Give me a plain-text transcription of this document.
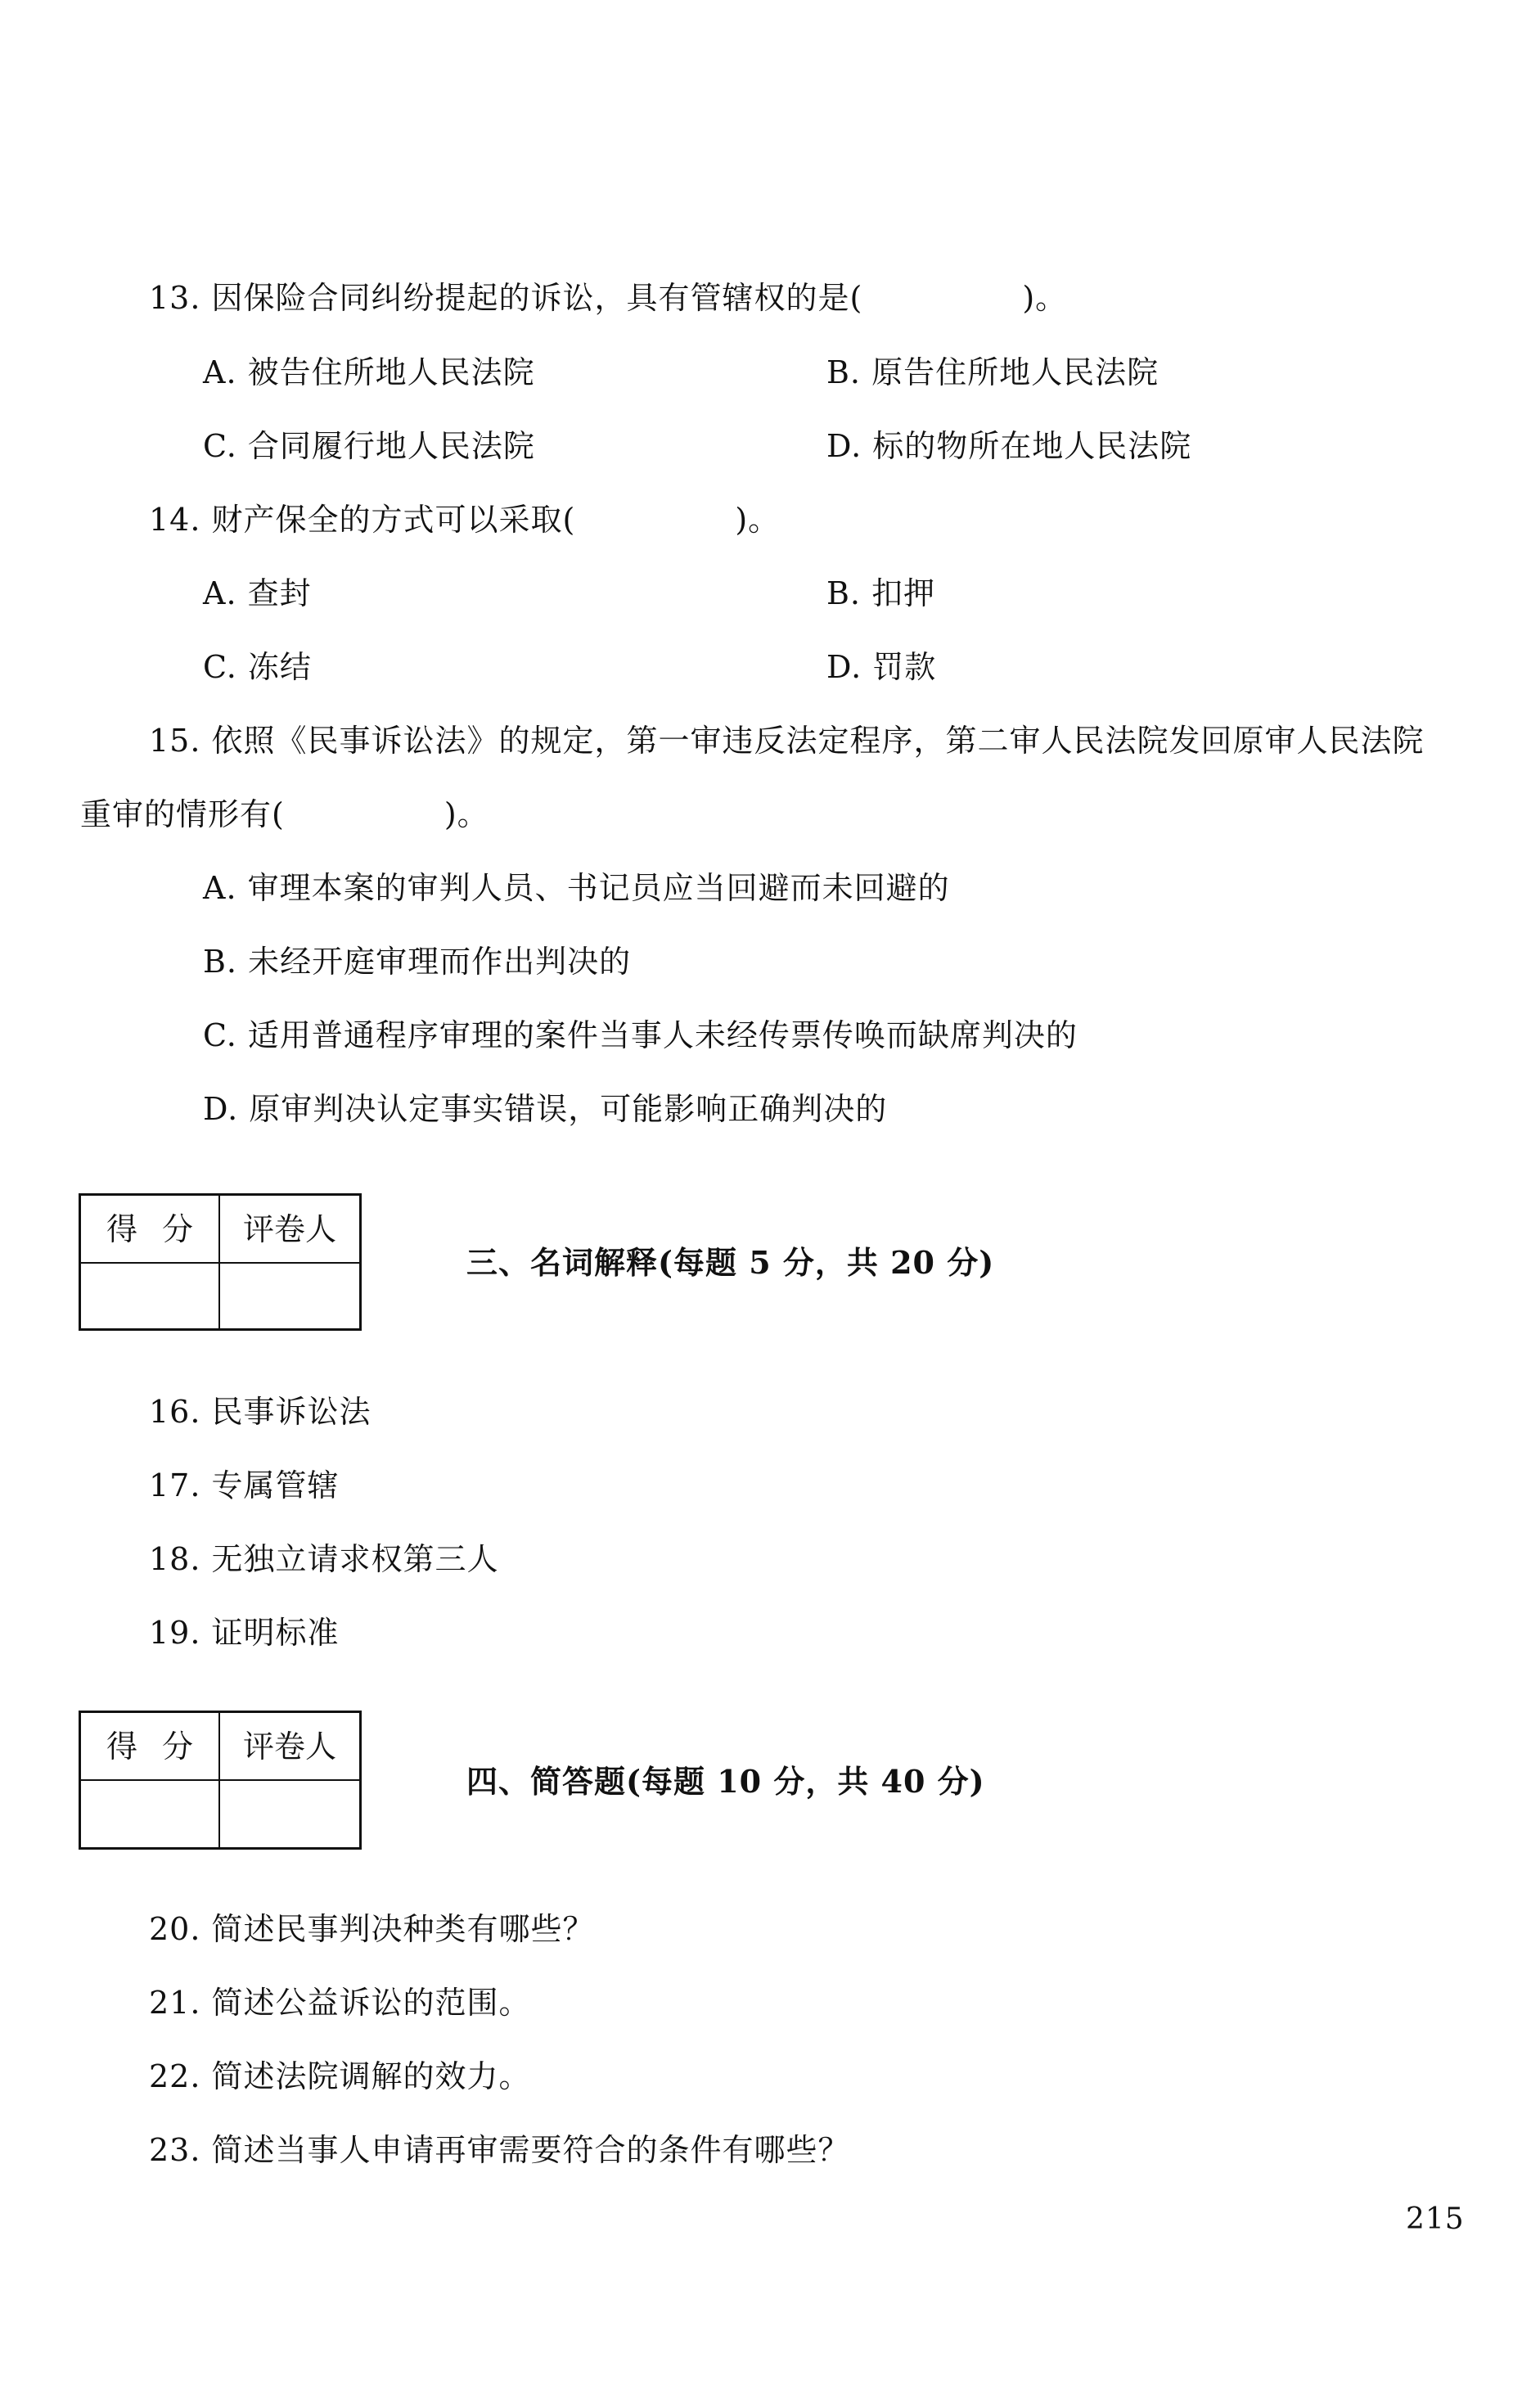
13. 因保险合同纠纷提起的诉讼，具有管辖权的是(　　　　　)。
A. 被告住所地人民法院	B. 原告住所地人民法院
C. 合同履行地人民法院	D. 标的物所在地人民法院
14. 财产保全的方式可以采取(　　　　　)。
A. 查封	B. 扣押
C. 冻结	D. 罚款
15. 依照《民事诉讼法》的规定，第一审违反法定程序，第二审人民法院发回原审人民法院
重审的情形有(　　　　　)。
A. 审理本案的审判人员、书记员应当回避而未回避的
B. 未经开庭审理而作出判决的
C. 适用普通程序审理的案件当事人未经传票传唤而缺席判决的
D. 原审判决认定事实错误，可能影响正确判决的
得分 评卷人
三、名词解释(每题 5 分，共 20 分)
16. 民事诉讼法
17. 专属管辖
18. 无独立请求权第三人
19. 证明标准
得分 评卷人
四、简答题(每题 10 分，共 40 分)
20. 简述民事判决种类有哪些？
21. 简述公益诉讼的范围。
22. 简述法院调解的效力。
23. 简述当事人申请再审需要符合的条件有哪些？
215
